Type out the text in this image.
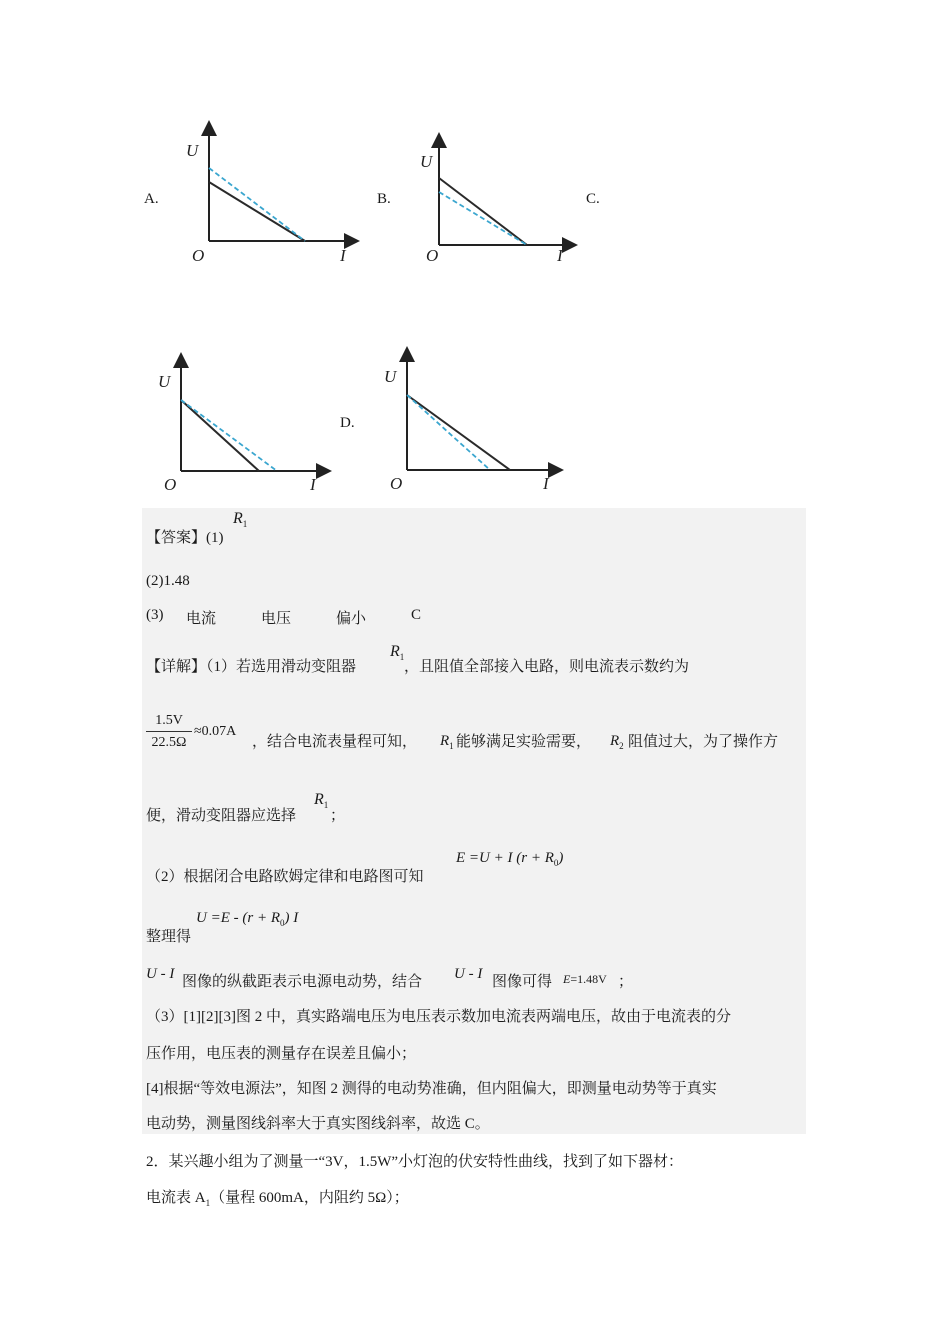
A.	B.	C.
D.
U
O	I
U
O	I
U
O	I
U
O	I
【答案】(1)
$R_1$
(2)1.48
(3) 电流	电压	偏小	C
【详解】（1）若选用滑动变阻器
$R_1$
，且阻值全部接入电路，则电流表示数约为
$\frac{1.5V}{22.5\Omega} \approx 0.07A$
，结合电流表量程可知， $R_1$ 能够满足实验需要， $R_2$ 阻值过大，为了操作方
便，滑动变阻器应选择
$R_1$
；
（2）根据闭合电路欧姆定律和电路图可知
E =U + I $(r + R_0)$
整理得
$U =E - (r + R_0)$ I
U - I 图像的纵截距表示电源电动势，结合 U - I 图像可得 E=1.48V ；
（3）[1][2][3]图 2 中，真实路端电压为电压表示数加电流表两端电压，故由于电流表的分
压作用，电压表的测量存在误差且偏小；
[4]根据“等效电源法”，知图 2 测得的电动势准确，但内阻偏大，即测量电动势等于真实
电动势，测量图线斜率大于真实图线斜率，故选 C。
2．某兴趣小组为了测量一“3V，1.5W”小灯泡的伏安特性曲线，找到了如下器材：
电流表 $A_1$（量程 600mA，内阻约 5Ω）；
